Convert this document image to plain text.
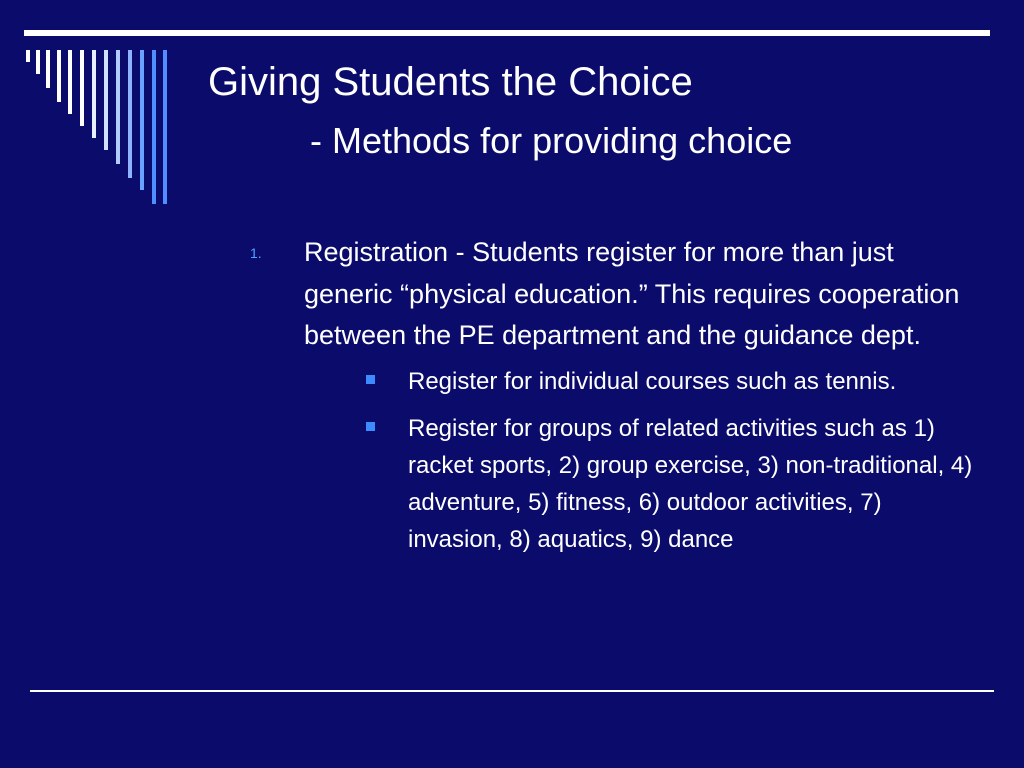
Giving Students the Choice
- Methods for providing choice
1. Registration - Students register for more than just generic “physical education.” This requires cooperation between the PE department and the guidance dept.
Register for individual courses such as tennis.
Register for groups of related activities such as 1) racket sports, 2) group exercise, 3) non-traditional, 4) adventure, 5) fitness, 6) outdoor activities, 7) invasion, 8) aquatics, 9) dance
